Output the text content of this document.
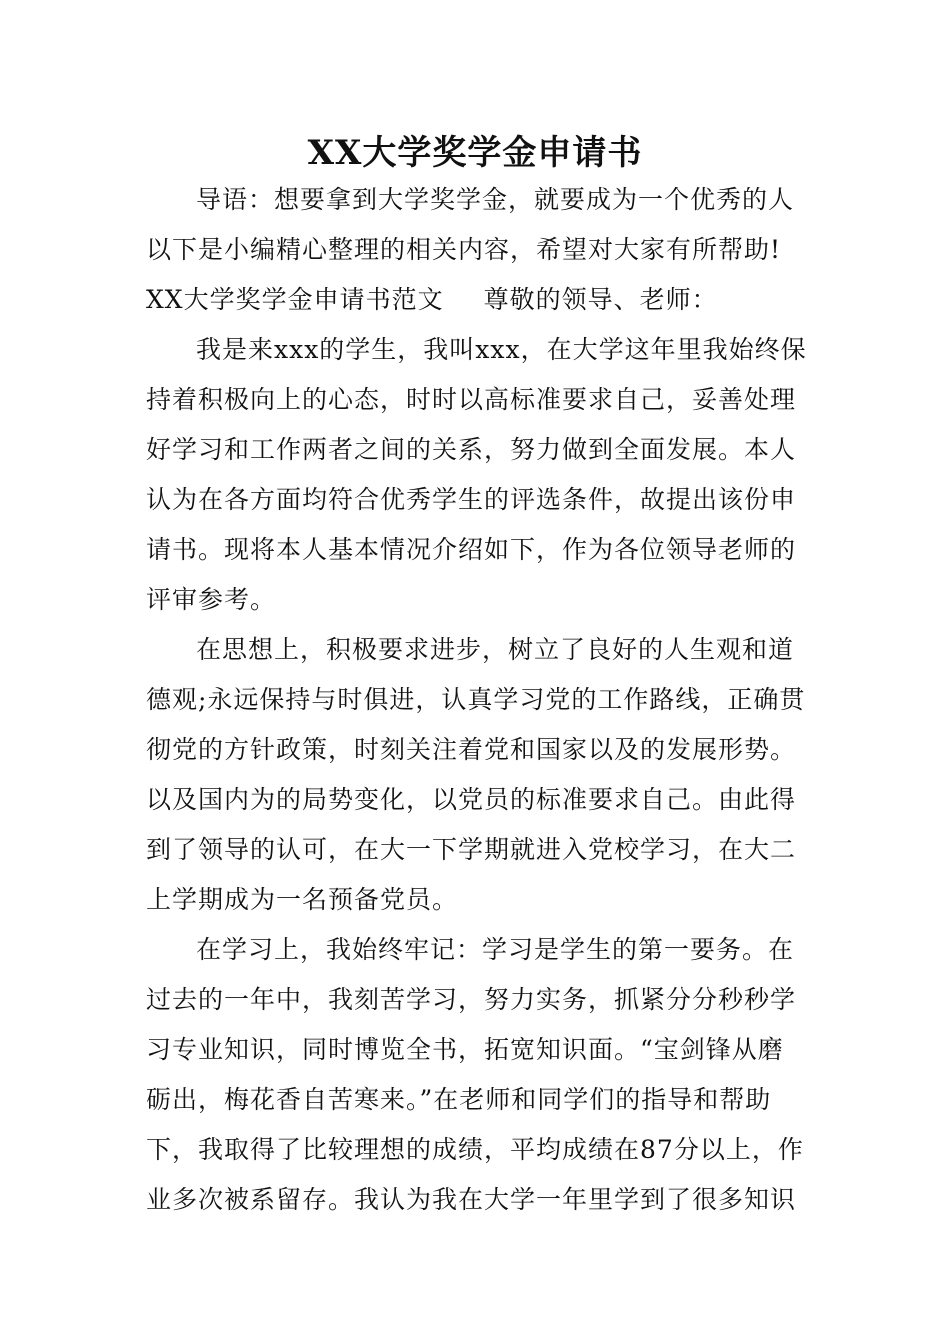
XX大学奖学金申请书
导语：想要拿到大学奖学金，就要成为一个优秀的人
以下是小编精心整理的相关内容，希望对大家有所帮助!
XX大学奖学金申请书范文 尊敬的领导、老师：
我是来xxx的学生，我叫xxx，在大学这年里我始终保
持着积极向上的心态，时时以高标准要求自己，妥善处理
好学习和工作两者之间的关系，努力做到全面发展。本人
认为在各方面均符合优秀学生的评选条件，故提出该份申
请书。现将本人基本情况介绍如下，作为各位领导老师的
评审参考。
在思想上，积极要求进步，树立了良好的人生观和道
德观;永远保持与时俱进，认真学习党的工作路线，正确贯
彻党的方针政策，时刻关注着党和国家以及的发展形势。
以及国内为的局势变化，以党员的标准要求自己。由此得
到了领导的认可，在大一下学期就进入党校学习，在大二
上学期成为一名预备党员。
在学习上，我始终牢记：学习是学生的第一要务。在
过去的一年中，我刻苦学习，努力实务，抓紧分分秒秒学
习专业知识，同时博览全书，拓宽知识面。“宝剑锋从磨
砺出，梅花香自苦寒来。”在老师和同学们的指导和帮助
下，我取得了比较理想的成绩，平均成绩在87分以上，作
业多次被系留存。我认为我在大学一年里学到了很多知识
